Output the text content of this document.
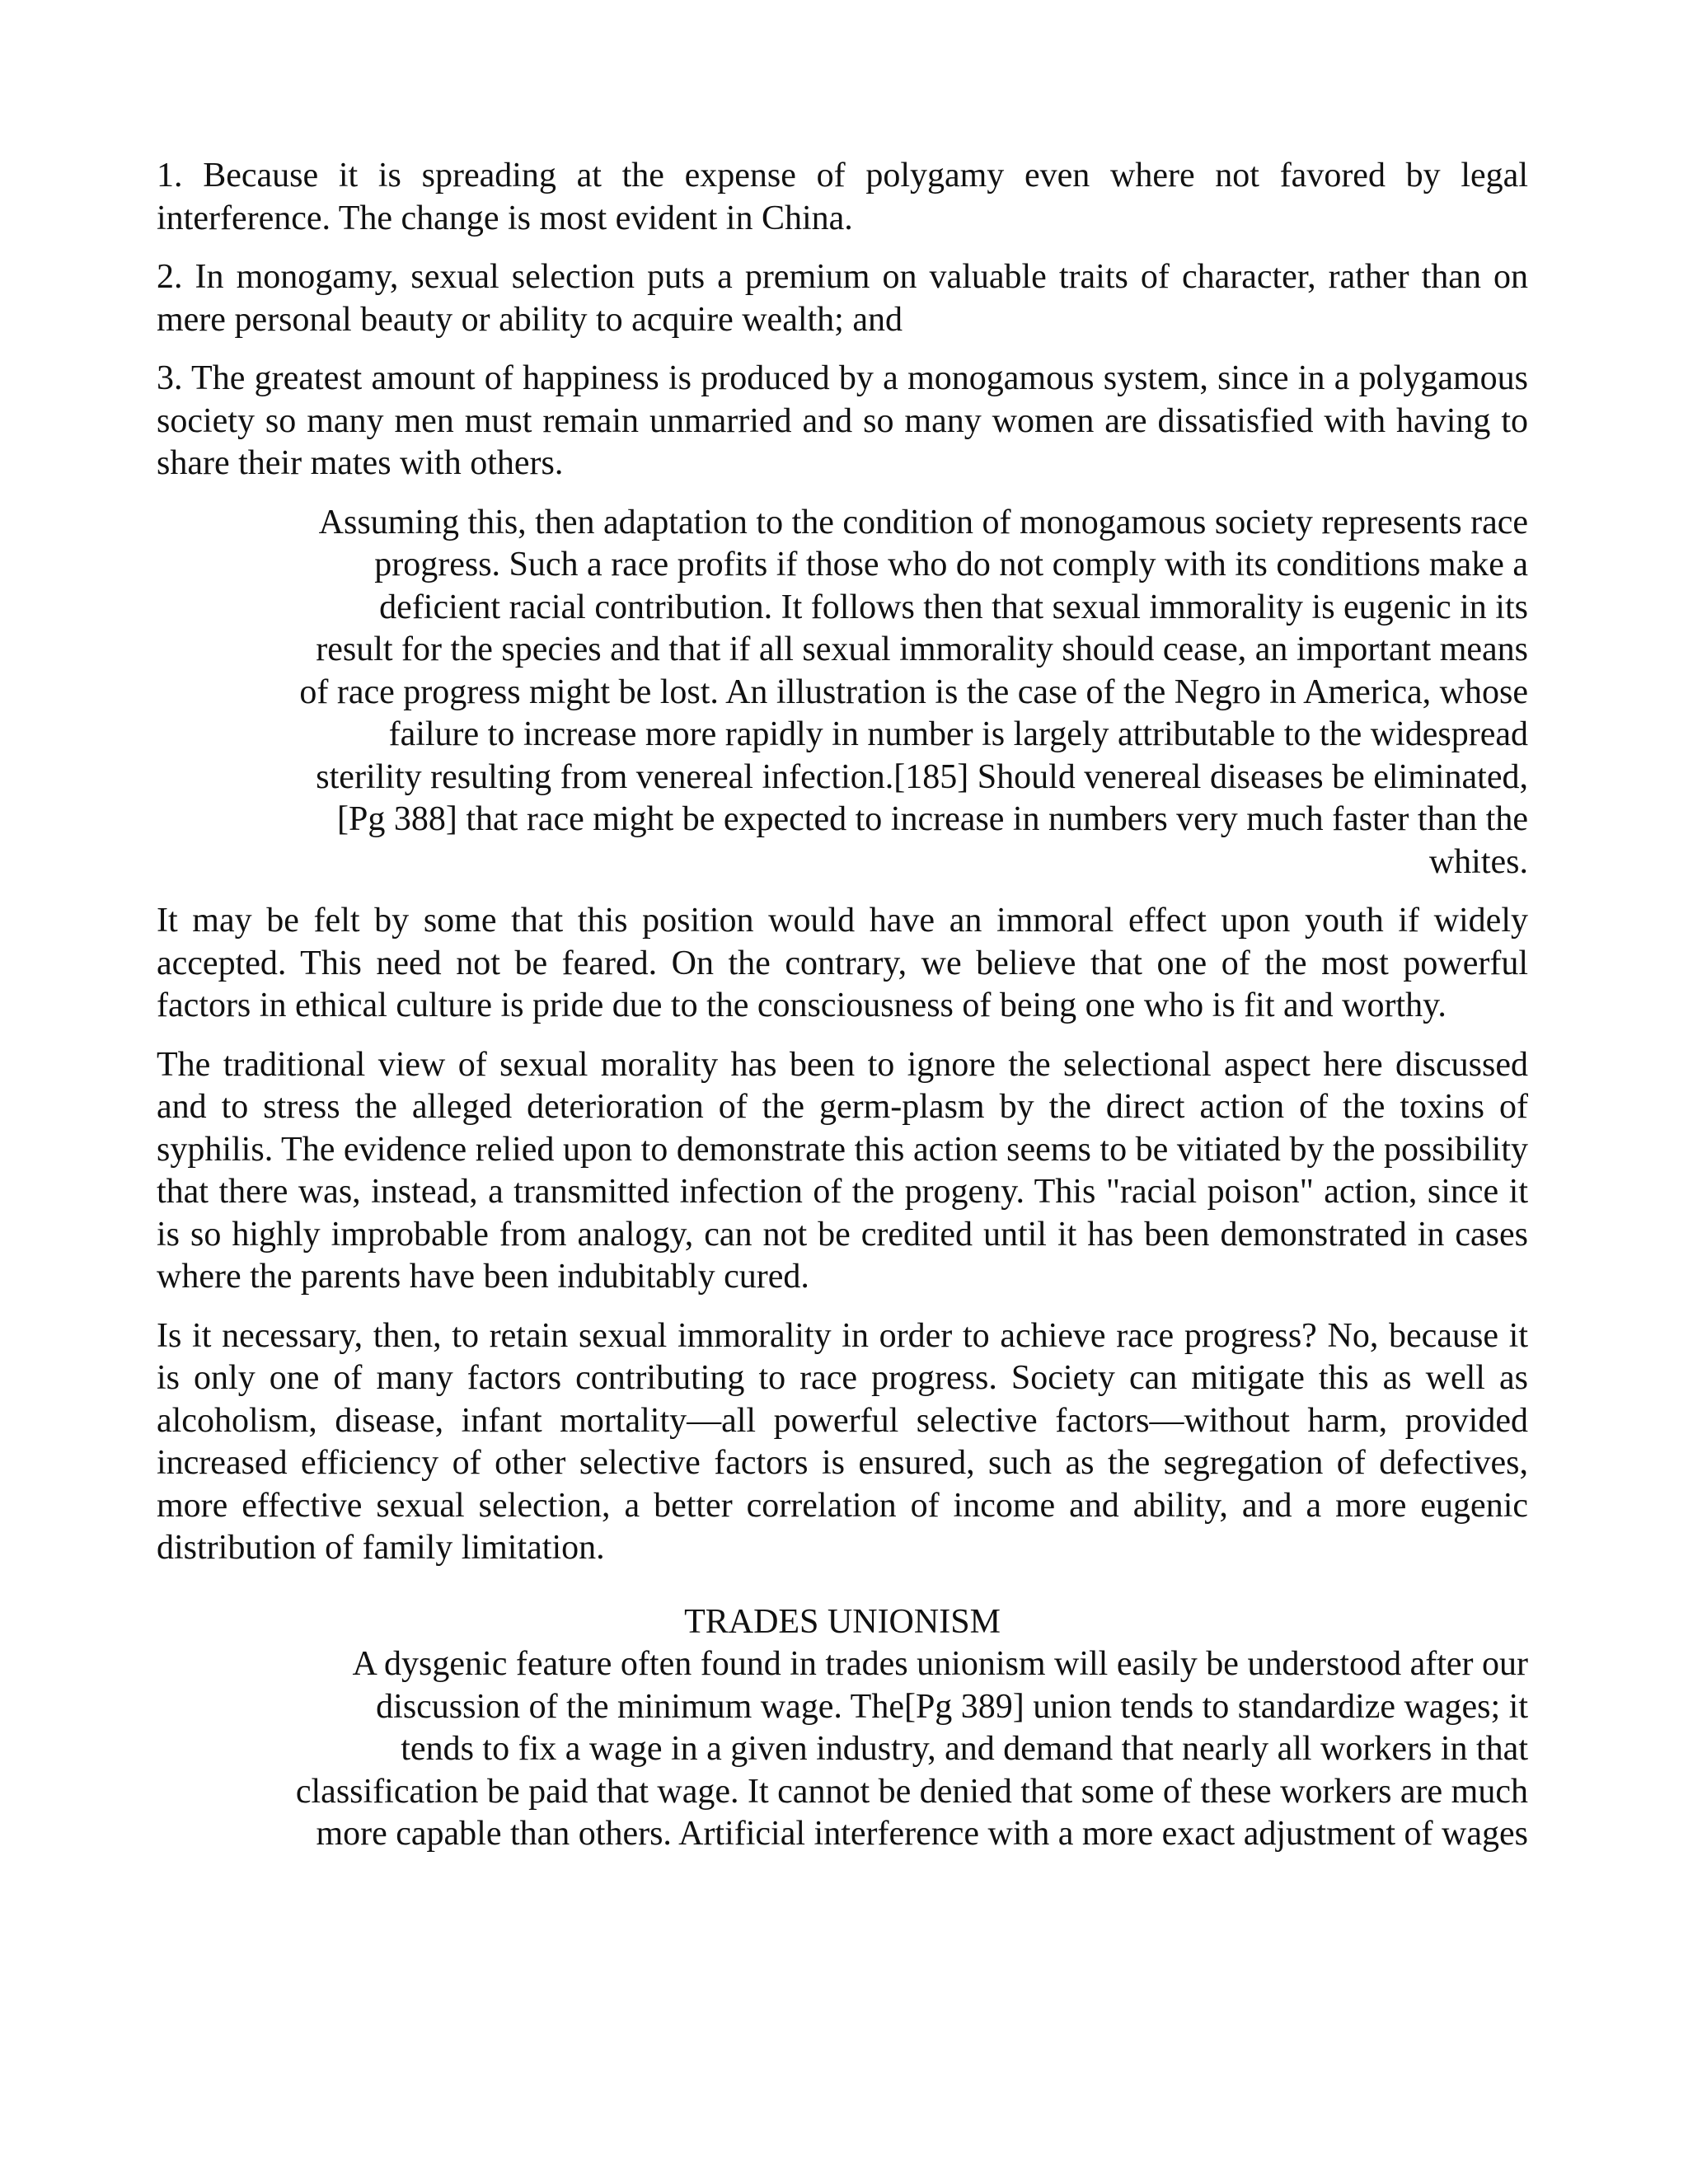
1. Because it is spreading at the expense of polygamy even where not favored by legal interference. The change is most evident in China.

2. In monogamy, sexual selection puts a premium on valuable traits of character, rather than on mere personal beauty or ability to acquire wealth; and

3. The greatest amount of happiness is produced by a monogamous system, since in a polygamous society so many men must remain unmarried and so many women are dissatisfied with having to share their mates with others.

Assuming this, then adaptation to the condition of monogamous society represents race
progress. Such a race profits if those who do not comply with its conditions make a
deficient racial contribution. It follows then that sexual immorality is eugenic in its
result for the species and that if all sexual immorality should cease, an important means
of race progress might be lost. An illustration is the case of the Negro in America, whose
failure to increase more rapidly in number is largely attributable to the widespread
sterility resulting from venereal infection.[185] Should venereal diseases be eliminated,
[Pg 388] that race might be expected to increase in numbers very much faster than the
whites.

It may be felt by some that this position would have an immoral effect upon youth if widely accepted. This need not be feared. On the contrary, we believe that one of the most powerful factors in ethical culture is pride due to the consciousness of being one who is fit and worthy.

The traditional view of sexual morality has been to ignore the selectional aspect here discussed and to stress the alleged deterioration of the germ-plasm by the direct action of the toxins of syphilis. The evidence relied upon to demonstrate this action seems to be vitiated by the possibility that there was, instead, a transmitted infection of the progeny. This "racial poison" action, since it is so highly improbable from analogy, can not be credited until it has been demonstrated in cases where the parents have been indubitably cured.

Is it necessary, then, to retain sexual immorality in order to achieve race progress? No, because it is only one of many factors contributing to race progress. Society can mitigate this as well as alcoholism, disease, infant mortality—all powerful selective factors—without harm, provided increased efficiency of other selective factors is ensured, such as the segregation of defectives, more effective sexual selection, a better correlation of income and ability, and a more eugenic distribution of family limitation.

TRADES UNIONISM

A dysgenic feature often found in trades unionism will easily be understood after our
discussion of the minimum wage. The[Pg 389] union tends to standardize wages; it
tends to fix a wage in a given industry, and demand that nearly all workers in that
classification be paid that wage. It cannot be denied that some of these workers are much
more capable than others. Artificial interference with a more exact adjustment of wages
